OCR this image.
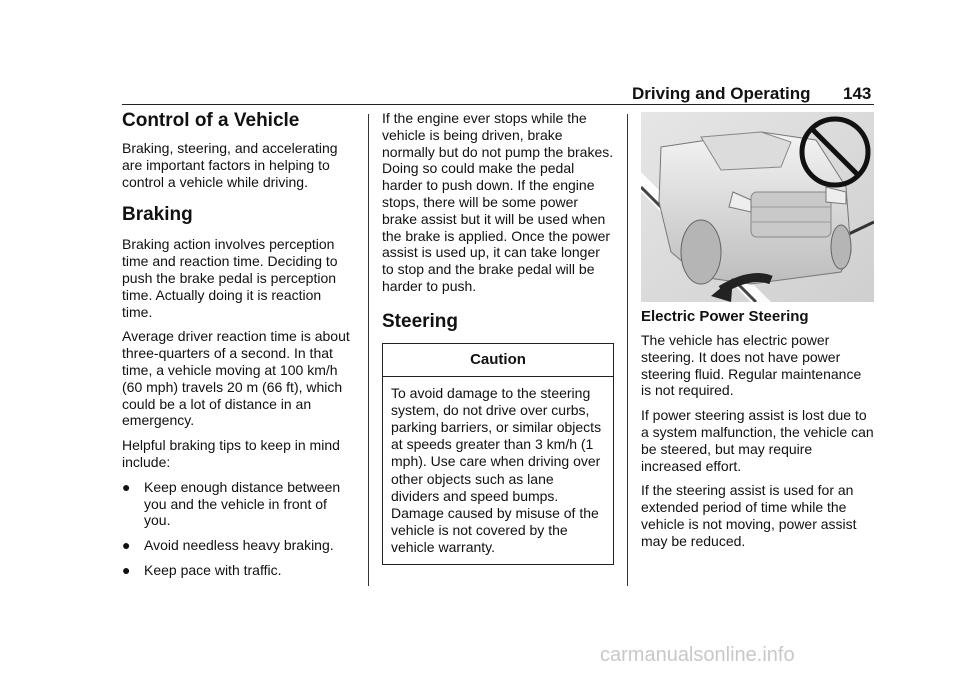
Driving and Operating 143
Control of a Vehicle

Braking, steering, and accelerating are important factors in helping to control a vehicle while driving.

Braking

Braking action involves perception time and reaction time. Deciding to push the brake pedal is perception time. Actually doing it is reaction time.

Average driver reaction time is about three-quarters of a second. In that time, a vehicle moving at 100 km/h (60 mph) travels 20 m (66 ft), which could be a lot of distance in an emergency.

Helpful braking tips to keep in mind include:

● Keep enough distance between you and the vehicle in front of you.
● Avoid needless heavy braking.
● Keep pace with traffic.

If the engine ever stops while the vehicle is being driven, brake normally but do not pump the brakes. Doing so could make the pedal harder to push down. If the engine stops, there will be some power brake assist but it will be used when the brake is applied. Once the power assist is used up, it can take longer to stop and the brake pedal will be harder to push.

Steering
Caution
To avoid damage to the steering system, do not drive over curbs, parking barriers, or similar objects at speeds greater than 3 km/h (1 mph). Use care when driving over other objects such as lane dividers and speed bumps. Damage caused by misuse of the vehicle is not covered by the vehicle warranty.
Electric Power Steering

The vehicle has electric power steering. It does not have power steering fluid. Regular maintenance is not required.

If power steering assist is lost due to a system malfunction, the vehicle can be steered, but may require increased effort.

If the steering assist is used for an extended period of time while the vehicle is not moving, power assist may be reduced.

carmanualsonline.info
